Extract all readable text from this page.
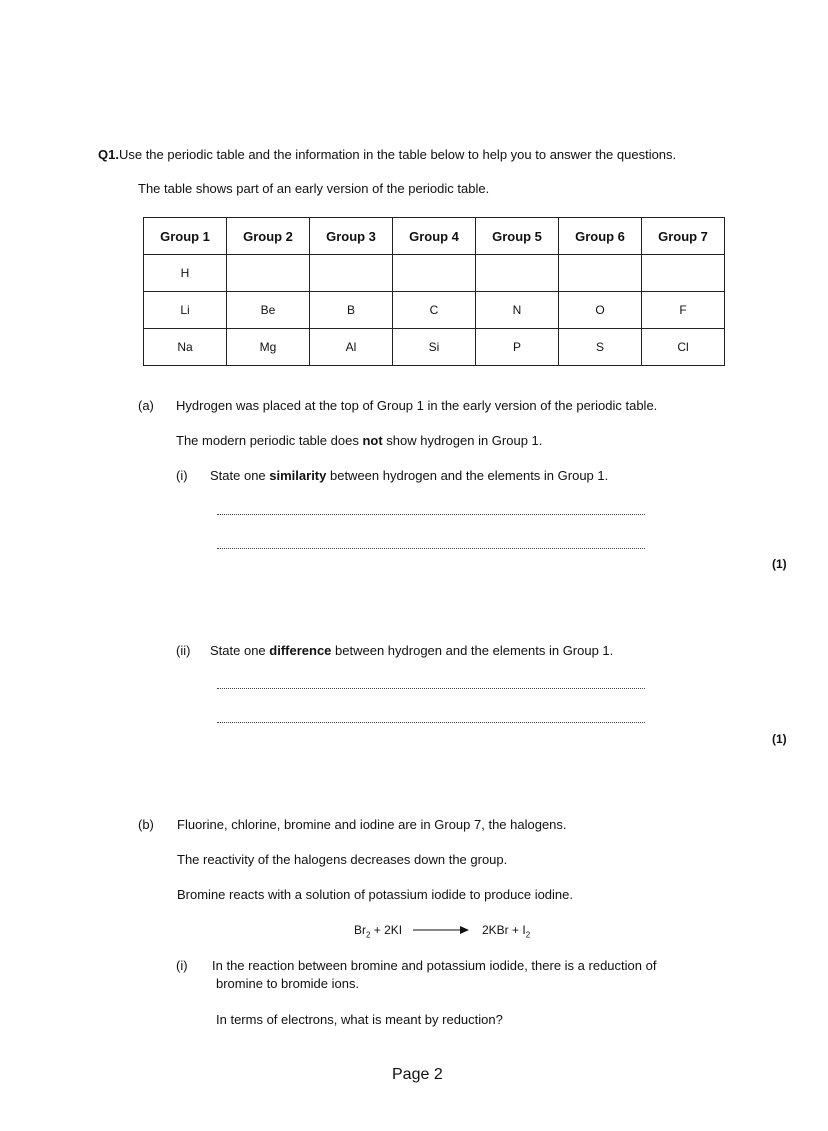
Q1.Use the periodic table and the information in the table below to help you to answer the questions.
The table shows part of an early version of the periodic table.
Group 1	Group 2	Group 3	Group 4	Group 5	Group 6	Group 7
H						
Li	Be	B	C	N	O	F
Na	Mg	Al	Si	P	S	Cl
(a) Hydrogen was placed at the top of Group 1 in the early version of the periodic table.
The modern periodic table does not show hydrogen in Group 1.
(i) State one similarity between hydrogen and the elements in Group 1.
(1)
(ii) State one difference between hydrogen and the elements in Group 1.
(1)
(b) Fluorine, chlorine, bromine and iodine are in Group 7, the halogens.
The reactivity of the halogens decreases down the group.
Bromine reacts with a solution of potassium iodide to produce iodine.
$Br_2 + 2KI$	$2KBr + I_2$
(i) In the reaction between bromine and potassium iodide, there is a reduction of
bromine to bromide ions.
In terms of electrons, what is meant by reduction?
Page 2
